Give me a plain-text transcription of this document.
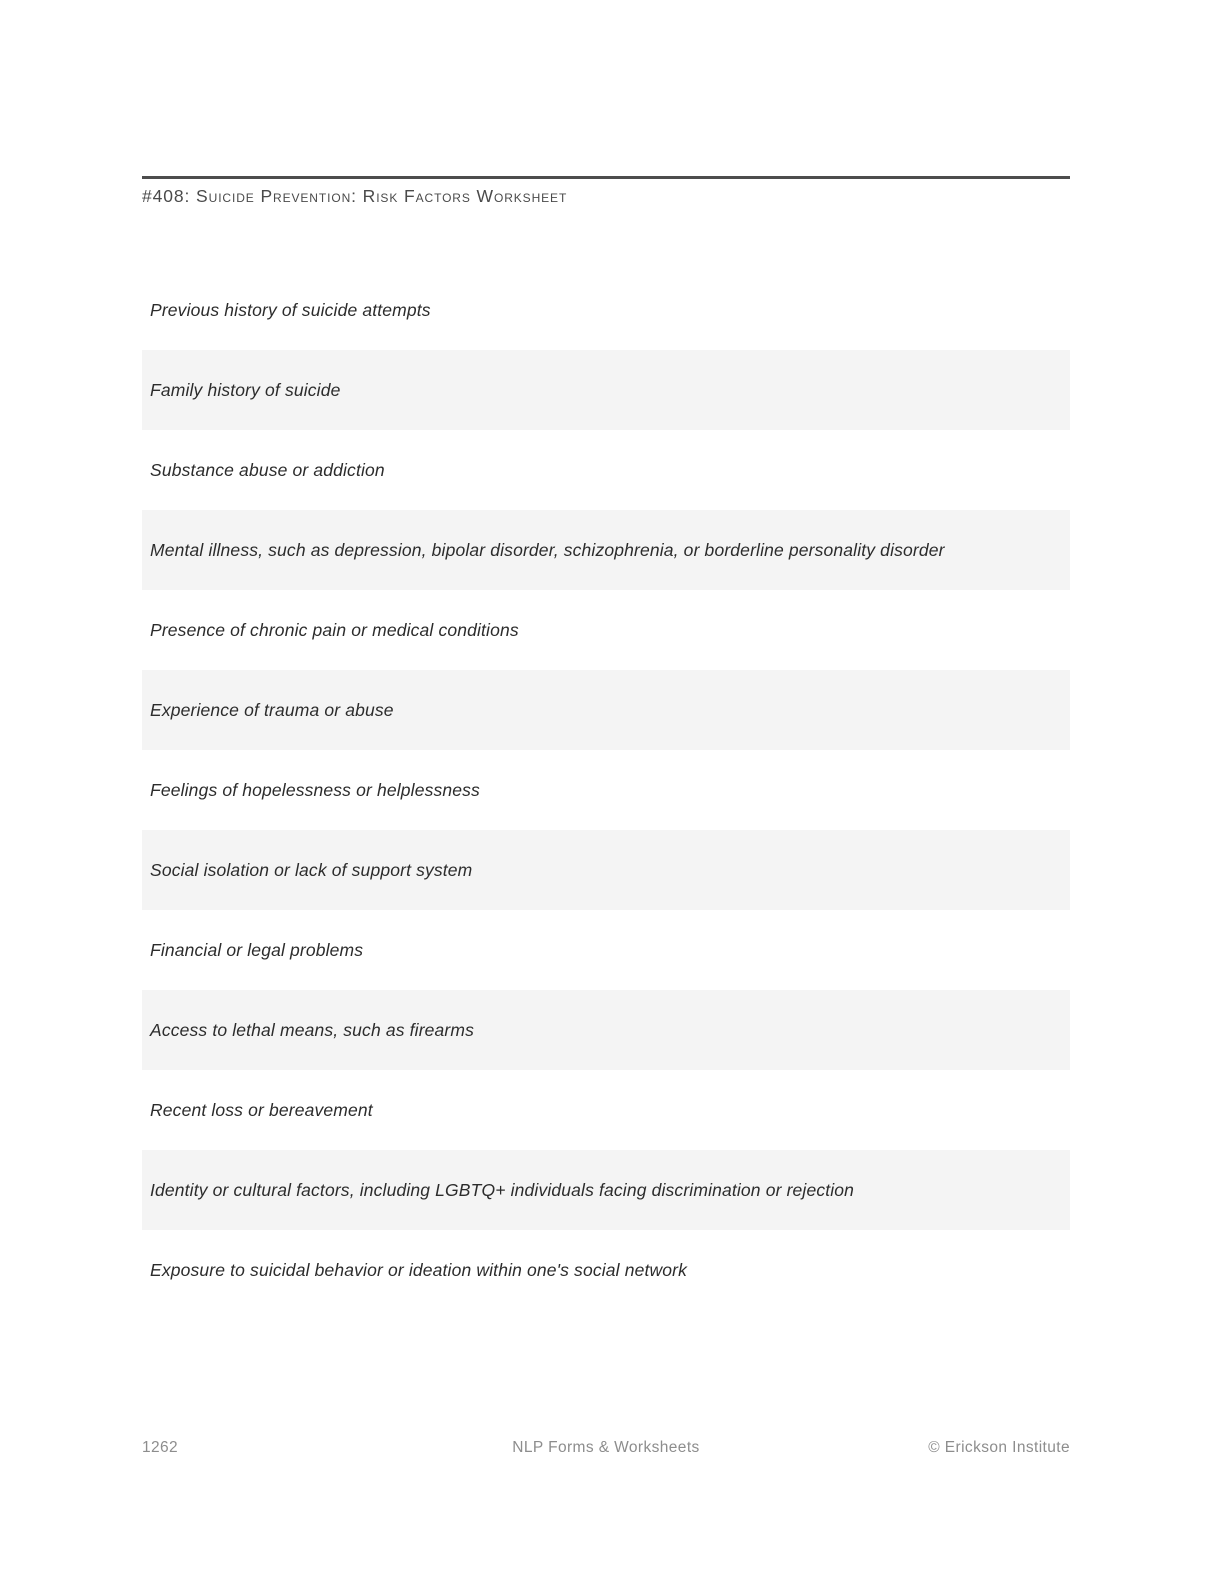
#408: Suicide Prevention: Risk Factors Worksheet
Previous history of suicide attempts
Family history of suicide
Substance abuse or addiction
Mental illness, such as depression, bipolar disorder, schizophrenia, or borderline personality disorder
Presence of chronic pain or medical conditions
Experience of trauma or abuse
Feelings of hopelessness or helplessness
Social isolation or lack of support system
Financial or legal problems
Access to lethal means, such as firearms
Recent loss or bereavement
Identity or cultural factors, including LGBTQ+ individuals facing discrimination or rejection
Exposure to suicidal behavior or ideation within one's social network
1262	NLP Forms & Worksheets	© Erickson Institute
